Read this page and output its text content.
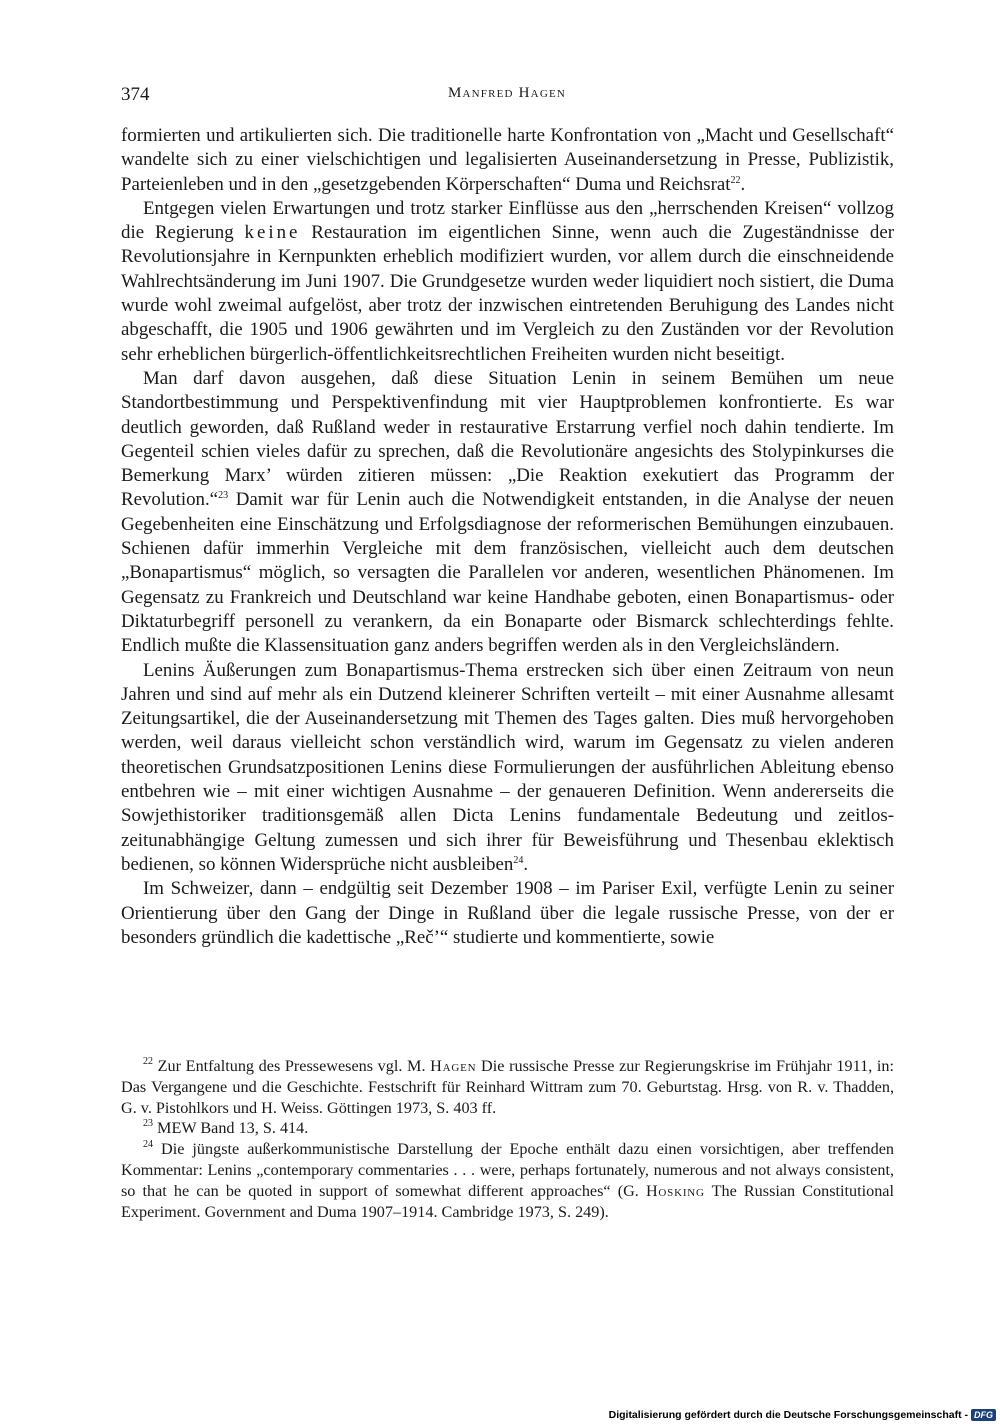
374	Manfred Hagen

formierten und artikulierten sich. Die traditionelle harte Konfrontation von „Macht und Gesellschaft“ wandelte sich zu einer vielschichtigen und legalisierten Auseinandersetzung in Presse, Publizistik, Parteienleben und in den „gesetzgebenden Körperschaften“ Duma und Reichsrat$^{22}$.

Entgegen vielen Erwartungen und trotz starker Einflüsse aus den „herrschenden Kreisen“ vollzog die Regierung keine Restauration im eigentlichen Sinne, wenn auch die Zugeständnisse der Revolutionsjahre in Kernpunkten erheblich modifiziert wurden, vor allem durch die einschneidende Wahlrechtsänderung im Juni 1907. Die Grundgesetze wurden weder liquidiert noch sistiert, die Duma wurde wohl zweimal aufgelöst, aber trotz der inzwischen eintretenden Beruhigung des Landes nicht abgeschafft, die 1905 und 1906 gewährten und im Vergleich zu den Zuständen vor der Revolution sehr erheblichen bürgerlich-öffentlichkeitsrechtlichen Freiheiten wurden nicht beseitigt.

Man darf davon ausgehen, daß diese Situation Lenin in seinem Bemühen um neue Standortbestimmung und Perspektivenfindung mit vier Hauptproblemen konfrontierte. Es war deutlich geworden, daß Rußland weder in restaurative Erstarrung verfiel noch dahin tendierte. Im Gegenteil schien vieles dafür zu sprechen, daß die Revolutionäre angesichts des Stolypinkurses die Bemerkung Marx’ würden zitieren müssen: „Die Reaktion exekutiert das Programm der Revolution.“$^{23}$ Damit war für Lenin auch die Notwendigkeit entstanden, in die Analyse der neuen Gegebenheiten eine Einschätzung und Erfolgsdiagnose der reformerischen Bemühungen einzubauen. Schienen dafür immerhin Vergleiche mit dem französischen, vielleicht auch dem deutschen „Bonapartismus“ möglich, so versagten die Parallelen vor anderen, wesentlichen Phänomenen. Im Gegensatz zu Frankreich und Deutschland war keine Handhabe geboten, einen Bonapartismus- oder Diktaturbegriff personell zu verankern, da ein Bonaparte oder Bismarck schlechterdings fehlte. Endlich mußte die Klassensituation ganz anders begriffen werden als in den Vergleichsländern.

Lenins Äußerungen zum Bonapartismus-Thema erstrecken sich über einen Zeitraum von neun Jahren und sind auf mehr als ein Dutzend kleinerer Schriften verteilt – mit einer Ausnahme allesamt Zeitungsartikel, die der Auseinandersetzung mit Themen des Tages galten. Dies muß hervorgehoben werden, weil daraus vielleicht schon verständlich wird, warum im Gegensatz zu vielen anderen theoretischen Grundsatzpositionen Lenins diese Formulierungen der ausführlichen Ableitung ebenso entbehren wie – mit einer wichtigen Ausnahme – der genaueren Definition. Wenn andererseits die Sowjethistoriker traditionsgemäß allen Dicta Lenins fundamentale Bedeutung und zeitlos-zeitunabhängige Geltung zumessen und sich ihrer für Beweisführung und Thesenbau eklektisch bedienen, so können Widersprüche nicht ausbleiben$^{24}$.

Im Schweizer, dann – endgültig seit Dezember 1908 – im Pariser Exil, verfügte Lenin zu seiner Orientierung über den Gang der Dinge in Rußland über die legale russische Presse, von der er besonders gründlich die kadettische „Reč’“ studierte und kommentierte, sowie

$^{22}$ Zur Entfaltung des Pressewesens vgl. M. Hagen Die russische Presse zur Regierungskrise im Frühjahr 1911, in: Das Vergangene und die Geschichte. Festschrift für Reinhard Wittram zum 70. Geburtstag. Hrsg. von R. v. Thadden, G. v. Pistohlkors und H. Weiss. Göttingen 1973, S. 403 ff.

$^{23}$ MEW Band 13, S. 414.

$^{24}$ Die jüngste außerkommunistische Darstellung der Epoche enthält dazu einen vorsichtigen, aber treffenden Kommentar: Lenins „contemporary commentaries . . . were, perhaps fortunately, numerous and not always consistent, so that he can be quoted in support of somewhat different approaches“ (G. Hosking The Russian Constitutional Experiment. Government and Duma 1907–1914. Cambridge 1973, S. 249).

Digitalisierung gefördert durch die Deutsche Forschungsgemeinschaft - DFG
